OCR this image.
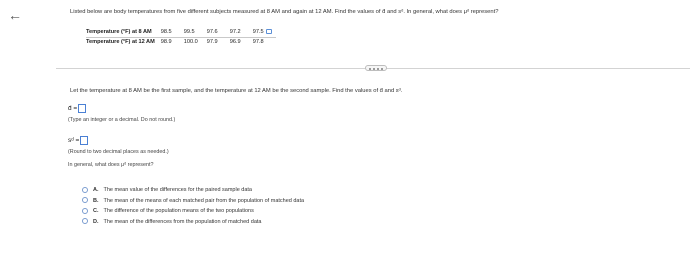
←	Listed below are body temperatures from five different subjects measured at 8 AM and again at 12 AM. Find the values of d̄ and sᵈ. In general, what does μᵈ represent?
Temperature (°F) at 8 AM	98.5	99.5	97.6	97.2	97.5
Temperature (°F) at 12 AM	98.9	100.0	97.9	96.9	97.8
Let the temperature at 8 AM be the first sample, and the temperature at 12 AM be the second sample. Find the values of d̄ and sᵈ.
d̄ =
(Type an integer or a decimal. Do not round.)
sᵈ =
(Round to two decimal places as needed.)
In general, what does μᵈ represent?
A. The mean value of the differences for the paired sample data
B. The mean of the means of each matched pair from the population of matched data
C. The difference of the population means of the two populations
D. The mean of the differences from the population of matched data
